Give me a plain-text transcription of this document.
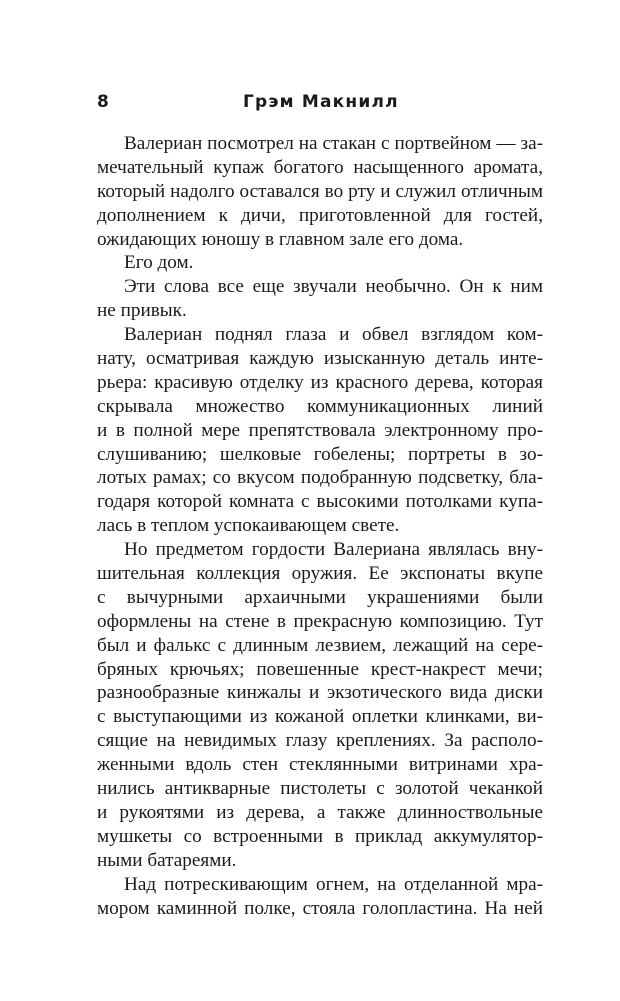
8	Грэм Макнилл

Валериан посмотрел на стакан с портвейном — за-
мечательный купаж богатого насыщенного аромата,
который надолго оставался во рту и служил отличным
дополнением к дичи, приготовленной для гостей,
ожидающих юношу в главном зале его дома.

Его дом.

Эти слова все еще звучали необычно. Он к ним
не привык.

Валериан поднял глаза и обвел взглядом ком-
нату, осматривая каждую изысканную деталь инте-
рьера: красивую отделку из красного дерева, которая
скрывала множество коммуникационных линий
и в полной мере препятствовала электронному про-
слушиванию; шелковые гобелены; портреты в зо-
лотых рамах; со вкусом подобранную подсветку, бла-
годаря которой комната с высокими потолками купа-
лась в теплом успокаивающем свете.

Но предметом гордости Валериана являлась вну-
шительная коллекция оружия. Ее экспонаты вкупе
с вычурными архаичными украшениями были
оформлены на стене в прекрасную композицию. Тут
был и фалькс с длинным лезвием, лежащий на сере-
бряных крючьях; повешенные крест-накрест мечи;
разнообразные кинжалы и экзотического вида диски
с выступающими из кожаной оплетки клинками, ви-
сящие на невидимых глазу креплениях. За располо-
женными вдоль стен стеклянными витринами хра-
нились антикварные пистолеты с золотой чеканкой
и рукоятями из дерева, а также длинноствольные
мушкеты со встроенными в приклад аккумулятор-
ными батареями.

Над потрескивающим огнем, на отделанной мра-
мором каминной полке, стояла голопластина. На ней
